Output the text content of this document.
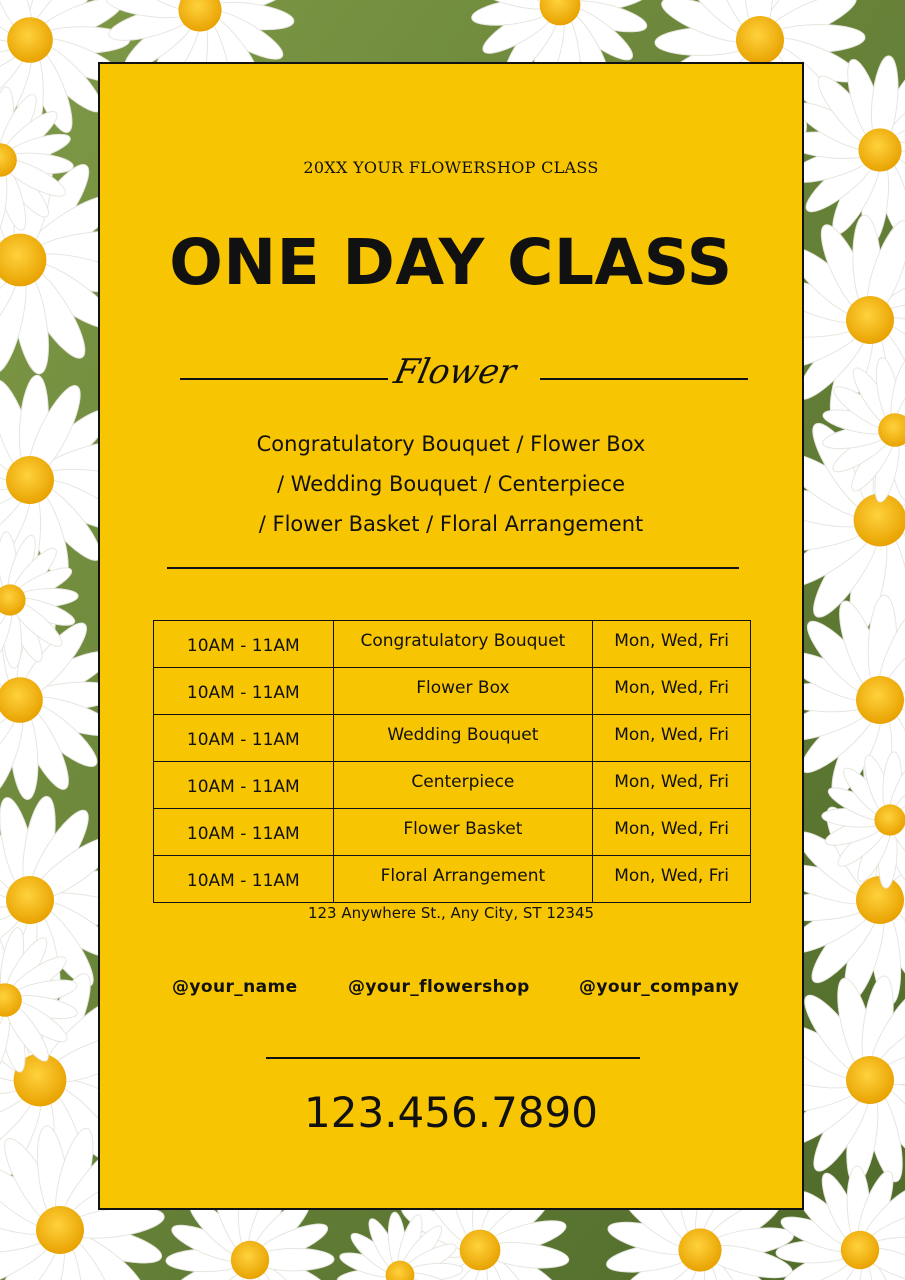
20XX YOUR FLOWERSHOP CLASS
ONE DAY CLASS
Flower
Congratulatory Bouquet / Flower Box
/ Wedding Bouquet / Centerpiece
/ Flower Basket / Floral Arrangement
10AM - 11AM	Congratulatory Bouquet	Mon, Wed, Fri
10AM - 11AM	Flower Box	Mon, Wed, Fri
10AM - 11AM	Wedding Bouquet	Mon, Wed, Fri
10AM - 11AM	Centerpiece	Mon, Wed, Fri
10AM - 11AM	Flower Basket	Mon, Wed, Fri
10AM - 11AM	Floral Arrangement	Mon, Wed, Fri
123 Anywhere St., Any City, ST 12345
@your_name	@your_flowershop	@your_company
123.456.7890
